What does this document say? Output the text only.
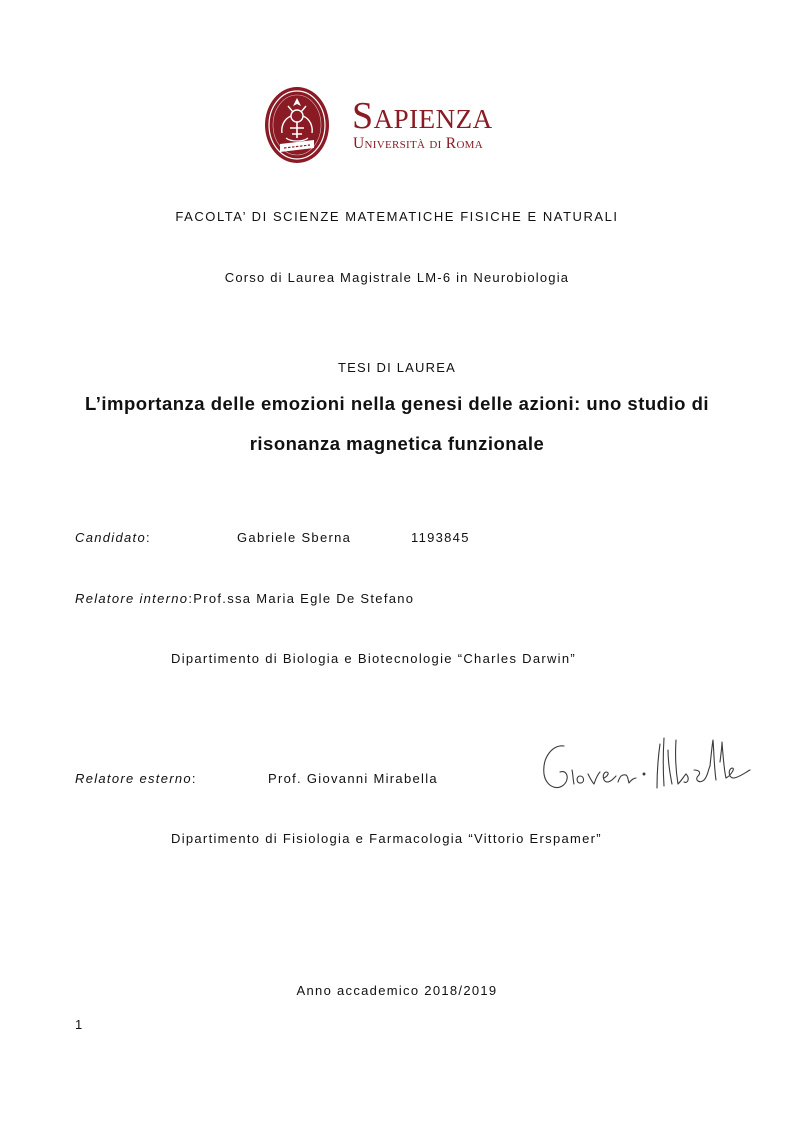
Sapienza
Università di Roma
FACOLTA’ DI SCIENZE MATEMATICHE FISICHE E NATURALI
Corso di Laurea Magistrale LM-6 in Neurobiologia
TESI DI LAUREA
L’importanza delle emozioni nella genesi delle azioni: uno studio di risonanza magnetica funzionale
Candidato:	Gabriele Sberna	1193845
Relatore interno:Prof.ssa Maria Egle De Stefano
Dipartimento di Biologia e Biotecnologie “Charles Darwin”
Relatore esterno:	Prof. Giovanni Mirabella
Dipartimento di Fisiologia e Farmacologia “Vittorio Erspamer”
Anno accademico 2018/2019
1
